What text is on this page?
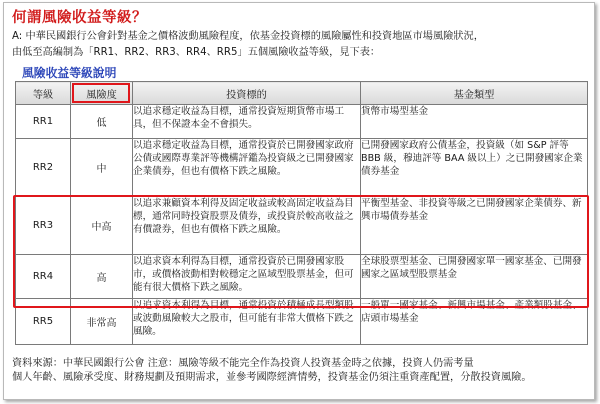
何謂風險收益等級？
A: 中華民國銀行公會針對基金之價格波動風險程度，依基金投資標的風險屬性和投資地區市場風險狀況，
由低至高編制為「RR1、RR2、RR3、RR4、RR5」五個風險收益等級，見下表：
風險收益等級說明
等級	風險度	投資標的	基金類型
RR1	低	以追求穩定收益為目標，通常投資短期貨幣市場工具，但不保證本金不會損失。	貨幣市場型基金
RR2	中	以追求穩定收益為目標，通常投資於已開發國家政府公債或國際專業評等機構評鑑為投資級之已開發國家企業債券，但也有價格下跌之風險。	已開發國家政府公債基金，投資級（如 S&P 評等 BBB 級，穆迪評等 BAA 級以上）之已開發國家企業債券基金
RR3	中高	以追求兼顧資本利得及固定收益或較高固定收益為目標，通常同時投資股票及債券，或投資於較高收益之有價證券，但也有價格下跌之風險。	平衡型基金、非投資等級之已開發國家企業債券、新興市場債券基金
RR4	高	以追求資本利得為目標，通常投資於已開發國家股市，或價格波動相對較穩定之區域型股票基金，但可能有很大價格下跌之風險。	全球股票型基金、已開發國家單一國家基金、已開發國家之區域型股票基金
RR5	非常高	以追求資本利得為目標，通常投資於積極成長型類股或波動風險較大之股市，但可能有非常大價格下跌之風險。	一般單一國家基金、新興市場基金、產業類股基金、店頭市場基金
資料來源：中華民國銀行公會 注意：風險等級不能完全作為投資人投資基金時之依據，投資人仍需考量
個人年齡、風險承受度、財務規劃及預期需求，並參考國際經濟情勢，投資基金仍須注重資產配置，分散投資風險。
